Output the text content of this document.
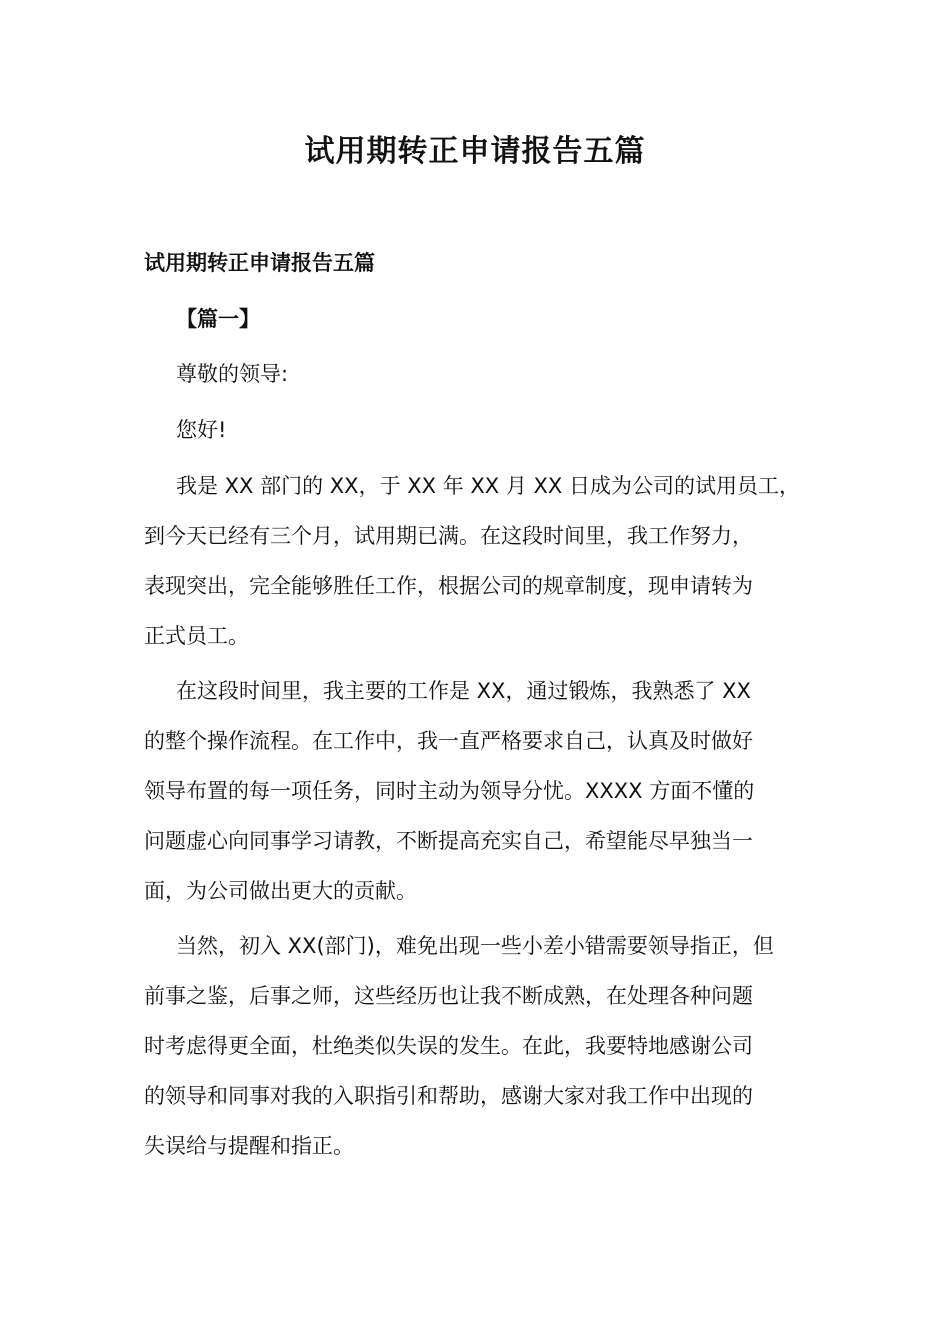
试用期转正申请报告五篇
试用期转正申请报告五篇
【篇一】
尊敬的领导:
您好!
我是 XX 部门的 XX，于 XX 年 XX 月 XX 日成为公司的试用员工，
到今天已经有三个月，试用期已满。在这段时间里，我工作努力，
表现突出，完全能够胜任工作，根据公司的规章制度，现申请转为
正式员工。
在这段时间里，我主要的工作是 XX，通过锻炼，我熟悉了 XX
的整个操作流程。在工作中，我一直严格要求自己，认真及时做好
领导布置的每一项任务，同时主动为领导分忧。XXXX 方面不懂的
问题虚心向同事学习请教，不断提高充实自己，希望能尽早独当一
面，为公司做出更大的贡献。
当然，初入 XX(部门)，难免出现一些小差小错需要领导指正，但
前事之鉴，后事之师，这些经历也让我不断成熟，在处理各种问题
时考虑得更全面，杜绝类似失误的发生。在此，我要特地感谢公司
的领导和同事对我的入职指引和帮助，感谢大家对我工作中出现的
失误给与提醒和指正。
